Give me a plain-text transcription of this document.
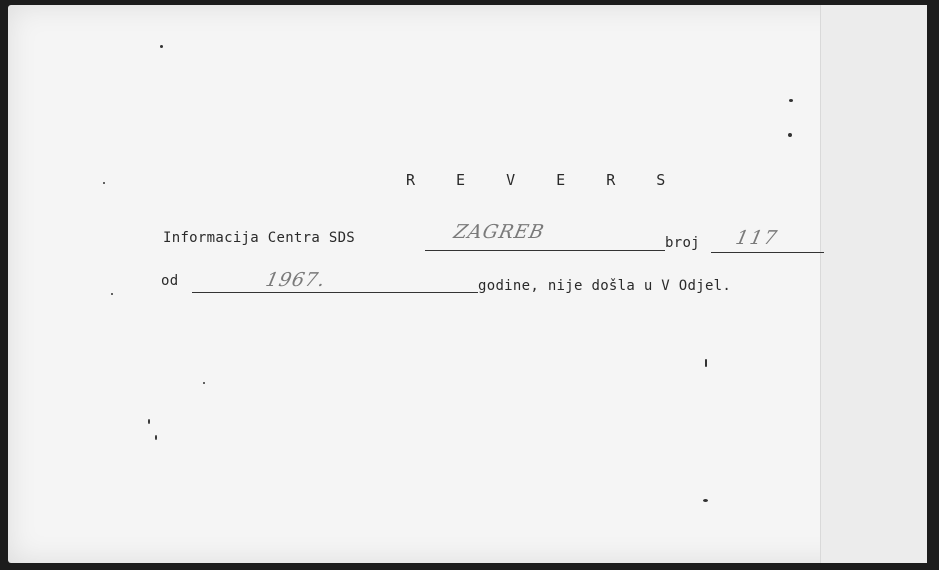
R E V E R S
Informacija Centra SDS	ZAGREB	broj 117
od	1967.	godine, nije došla u V Odjel.
